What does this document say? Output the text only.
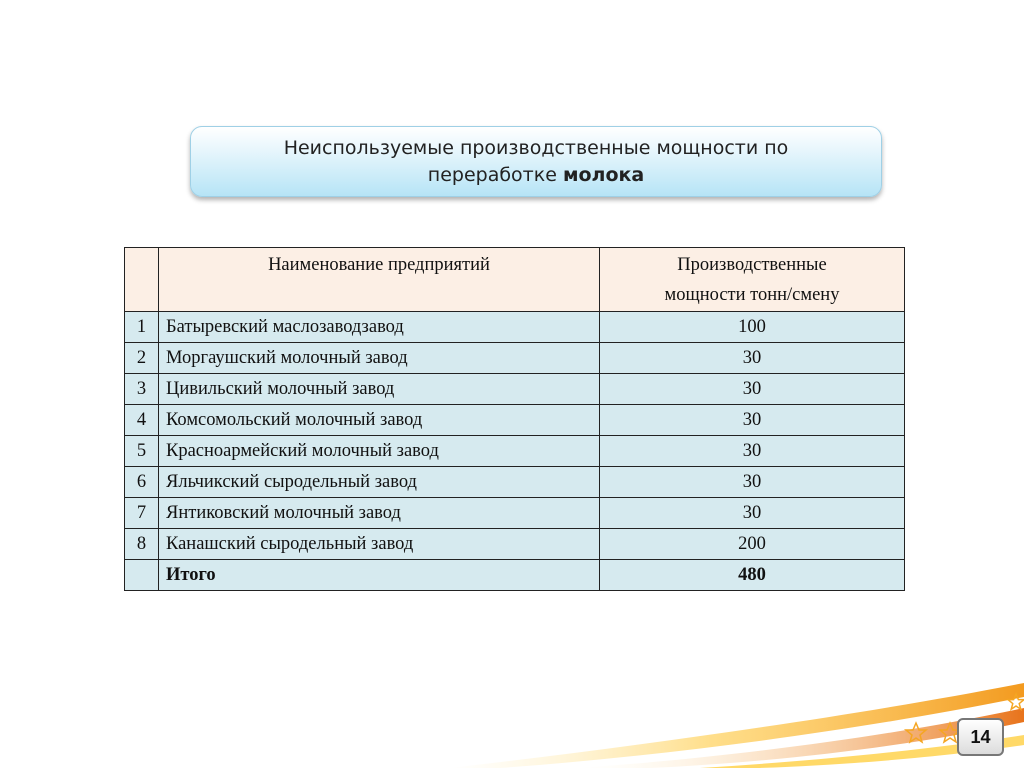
Неиспользуемые производственные мощности по
переработке молока
	Наименование предприятий	Производственные
мощности тонн/смену
1	Батыревский маслозаводзавод	100
2	Моргаушский молочный завод	30
3	Цивильский молочный завод	30
4	Комсомольский молочный завод	30
5	Красноармейский молочный завод	30
6	Яльчикский сыродельный завод	30
7	Янтиковский молочный завод	30
8	Канашский сыродельный завод	200
	Итого	480
14
